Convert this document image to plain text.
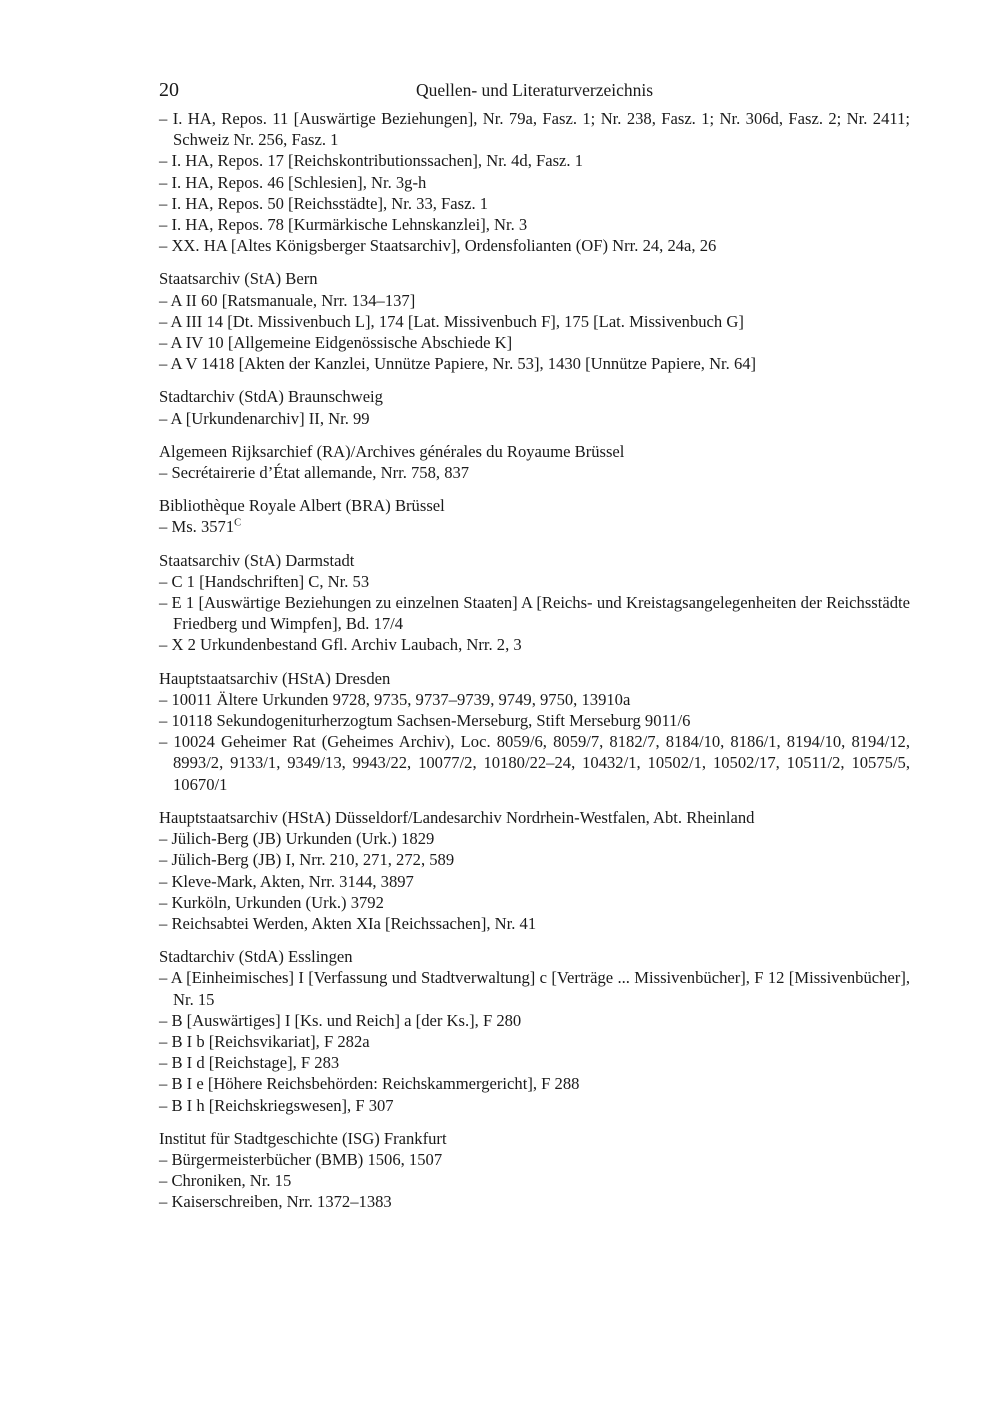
20	Quellen- und Literaturverzeichnis

– I. HA, Repos. 11 [Auswärtige Beziehungen], Nr. 79a, Fasz. 1; Nr. 238, Fasz. 1; Nr. 306d, Fasz. 2; Nr. 2411; Schweiz Nr. 256, Fasz. 1

– I. HA, Repos. 17 [Reichskontributionssachen], Nr. 4d, Fasz. 1

– I. HA, Repos. 46 [Schlesien], Nr. 3g-h

– I. HA, Repos. 50 [Reichsstädte], Nr. 33, Fasz. 1

– I. HA, Repos. 78 [Kurmärkische Lehnskanzlei], Nr. 3

– XX. HA [Altes Königsberger Staatsarchiv], Ordensfolianten (OF) Nrr. 24, 24a, 26

Staatsarchiv (StA) Bern

– A II 60 [Ratsmanuale, Nrr. 134–137]

– A III 14 [Dt. Missivenbuch L], 174 [Lat. Missivenbuch F], 175 [Lat. Missivenbuch G]

– A IV 10 [Allgemeine Eidgenössische Abschiede K]

– A V 1418 [Akten der Kanzlei, Unnütze Papiere, Nr. 53], 1430 [Unnütze Papiere, Nr. 64]

Stadtarchiv (StdA) Braunschweig

– A [Urkundenarchiv] II, Nr. 99

Algemeen Rijksarchief (RA)/Archives générales du Royaume Brüssel

– Secrétairerie d’État allemande, Nrr. 758, 837

Bibliothèque Royale Albert (BRA) Brüssel

– Ms. $3571^C$

Staatsarchiv (StA) Darmstadt

– C 1 [Handschriften] C, Nr. 53

– E 1 [Auswärtige Beziehungen zu einzelnen Staaten] A [Reichs- und Kreistagsangelegenheiten der Reichsstädte Friedberg und Wimpfen], Bd. 17/4

– X 2 Urkundenbestand Gfl. Archiv Laubach, Nrr. 2, 3

Hauptstaatsarchiv (HStA) Dresden

– 10011 Ältere Urkunden 9728, 9735, 9737–9739, 9749, 9750, 13910a

– 10118 Sekundogeniturherzogtum Sachsen-Merseburg, Stift Merseburg 9011/6

– 10024 Geheimer Rat (Geheimes Archiv), Loc. 8059/6, 8059/7, 8182/7, 8184/10, 8186/1, 8194/10, 8194/12, 8993/2, 9133/1, 9349/13, 9943/22, 10077/2, 10180/22–24, 10432/1, 10502/1, 10502/17, 10511/2, 10575/5, 10670/1

Hauptstaatsarchiv (HStA) Düsseldorf/Landesarchiv Nordrhein-Westfalen, Abt. Rheinland

– Jülich-Berg (JB) Urkunden (Urk.) 1829

– Jülich-Berg (JB) I, Nrr. 210, 271, 272, 589

– Kleve-Mark, Akten, Nrr. 3144, 3897

– Kurköln, Urkunden (Urk.) 3792

– Reichsabtei Werden, Akten XIa [Reichssachen], Nr. 41

Stadtarchiv (StdA) Esslingen

– A [Einheimisches] I [Verfassung und Stadtverwaltung] c [Verträge ... Missivenbücher], F 12 [Missivenbücher], Nr. 15

– B [Auswärtiges] I [Ks. und Reich] a [der Ks.], F 280

– B I b [Reichsvikariat], F 282a

– B I d [Reichstage], F 283

– B I e [Höhere Reichsbehörden: Reichskammergericht], F 288

– B I h [Reichskriegswesen], F 307

Institut für Stadtgeschichte (ISG) Frankfurt

– Bürgermeisterbücher (BMB) 1506, 1507

– Chroniken, Nr. 15

– Kaiserschreiben, Nrr. 1372–1383
